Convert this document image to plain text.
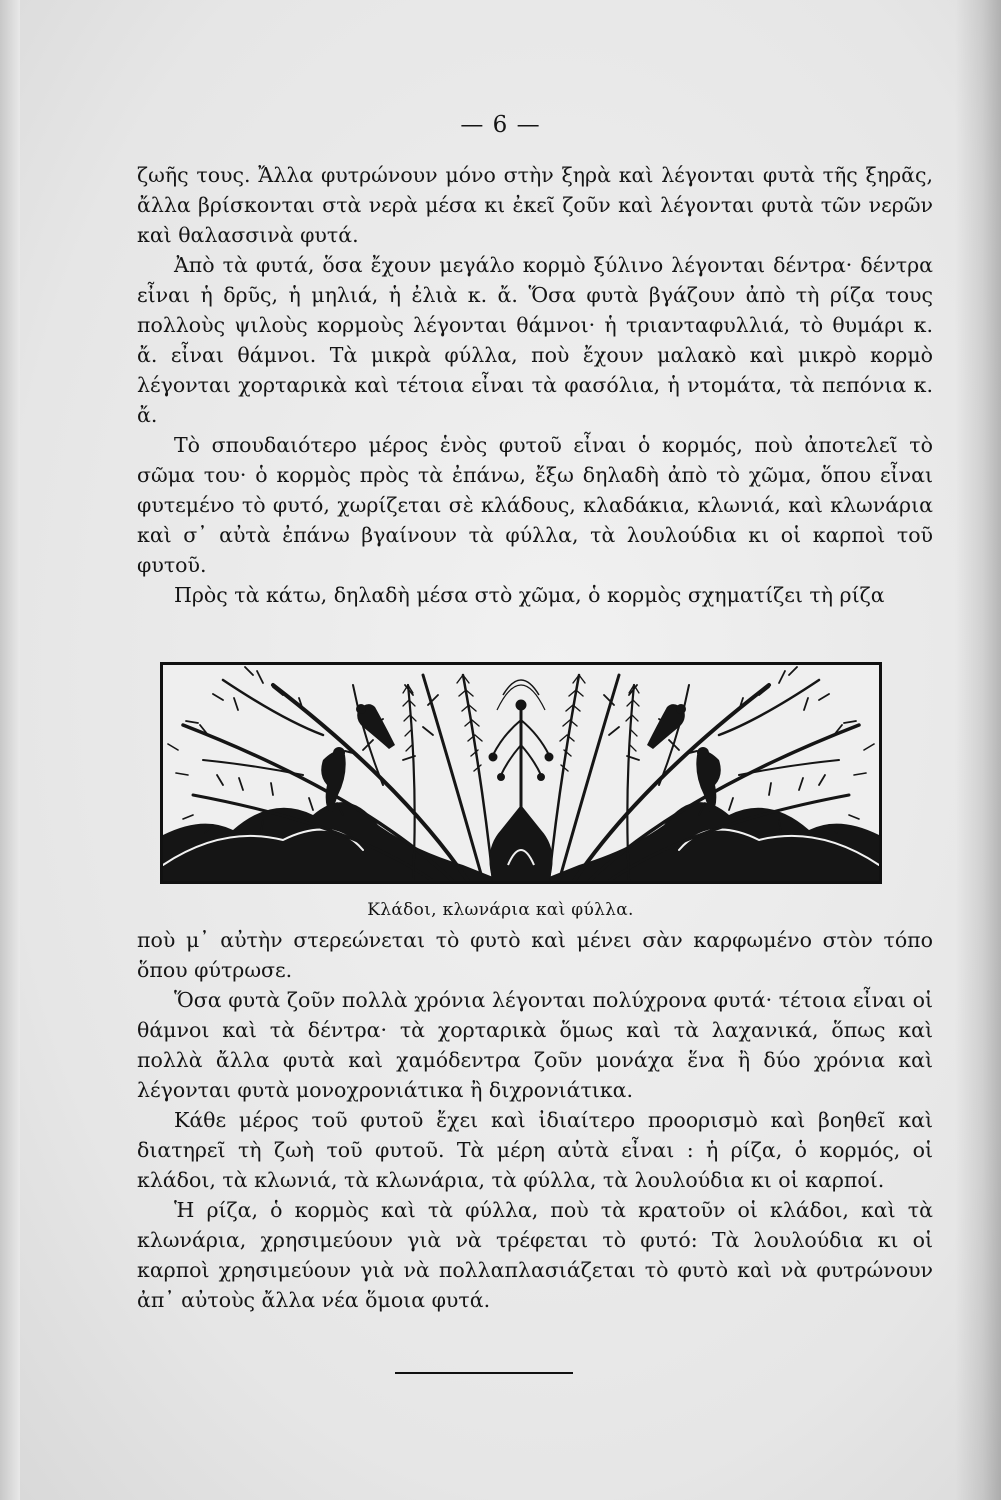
— 6 —

ζωῆς τους. Ἄλλα φυτρώνουν μόνο στὴν ξηρὰ καὶ λέγονται φυτὰ τῆς ξηρᾶς, ἄλλα βρίσκονται στὰ νερὰ μέσα κι ἐκεῖ ζοῦν καὶ λέγονται φυτὰ τῶν νερῶν καὶ θαλασσινὰ φυτά.

Ἀπὸ τὰ φυτά, ὅσα ἔχουν μεγάλο κορμὸ ξύλινο λέγονται δέντρα· δέντρα εἶναι ἡ δρῦς, ἡ μηλιά, ἡ ἐλιὰ κ. ἄ. Ὅσα φυτὰ βγάζουν ἀπὸ τὴ ρίζα τους πολλοὺς ψιλοὺς κορμοὺς λέγονται θάμνοι· ἡ τριανταφυλλιά, τὸ θυμάρι κ. ἄ. εἶναι θάμνοι. Τὰ μικρὰ φύλλα, ποὺ ἔχουν μαλακὸ καὶ μικρὸ κορμὸ λέγονται χορταρικὰ καὶ τέτοια εἶναι τὰ φασόλια, ἡ ντομάτα, τὰ πεπόνια κ. ἄ.

Τὸ σπουδαιότερο μέρος ἑνὸς φυτοῦ εἶναι ὁ κορμός, ποὺ ἀποτελεῖ τὸ σῶμα του· ὁ κορμὸς πρὸς τὰ ἐπάνω, ἔξω δηλαδὴ ἀπὸ τὸ χῶμα, ὅπου εἶναι φυτεμένο τὸ φυτό, χωρίζεται σὲ κλάδους, κλαδάκια, κλωνιά, καὶ κλωνάρια καὶ σ᾽ αὐτὰ ἐπάνω βγαίνουν τὰ φύλλα, τὰ λουλούδια κι οἱ καρποὶ τοῦ φυτοῦ.

Πρὸς τὰ κάτω, δηλαδὴ μέσα στὸ χῶμα, ὁ κορμὸς σχηματίζει τὴ ρίζα

Κλάδοι, κλωνάρια καὶ φύλλα.

ποὺ μ᾽ αὐτὴν στερεώνεται τὸ φυτὸ καὶ μένει σὰν καρφωμένο στὸν τόπο ὅπου φύτρωσε.

Ὅσα φυτὰ ζοῦν πολλὰ χρόνια λέγονται πολύχρονα φυτά· τέτοια εἶναι οἱ θάμνοι καὶ τὰ δέντρα· τὰ χορταρικὰ ὅμως καὶ τὰ λαχανικά, ὅπως καὶ πολλὰ ἄλλα φυτὰ καὶ χαμόδεντρα ζοῦν μονάχα ἕνα ἢ δύο χρόνια καὶ λέγονται φυτὰ μονοχρονιάτικα ἢ διχρονιάτικα.

Κάθε μέρος τοῦ φυτοῦ ἔχει καὶ ἰδιαίτερο προορισμὸ καὶ βοηθεῖ καὶ διατηρεῖ τὴ ζωὴ τοῦ φυτοῦ. Τὰ μέρη αὐτὰ εἶναι : ἡ ρίζα, ὁ κορμός, οἱ κλάδοι, τὰ κλωνιά, τὰ κλωνάρια, τὰ φύλλα, τὰ λουλούδια κι οἱ καρποί.

Ἡ ρίζα, ὁ κορμὸς καὶ τὰ φύλλα, ποὺ τὰ κρατοῦν οἱ κλάδοι, καὶ τὰ κλωνάρια, χρησιμεύουν γιὰ νὰ τρέφεται τὸ φυτό: Τὰ λουλούδια κι οἱ καρποὶ χρησιμεύουν γιὰ νὰ πολλαπλασιάζεται τὸ φυτὸ καὶ νὰ φυτρώνουν ἀπ᾽ αὐτοὺς ἄλλα νέα ὅμοια φυτά.
